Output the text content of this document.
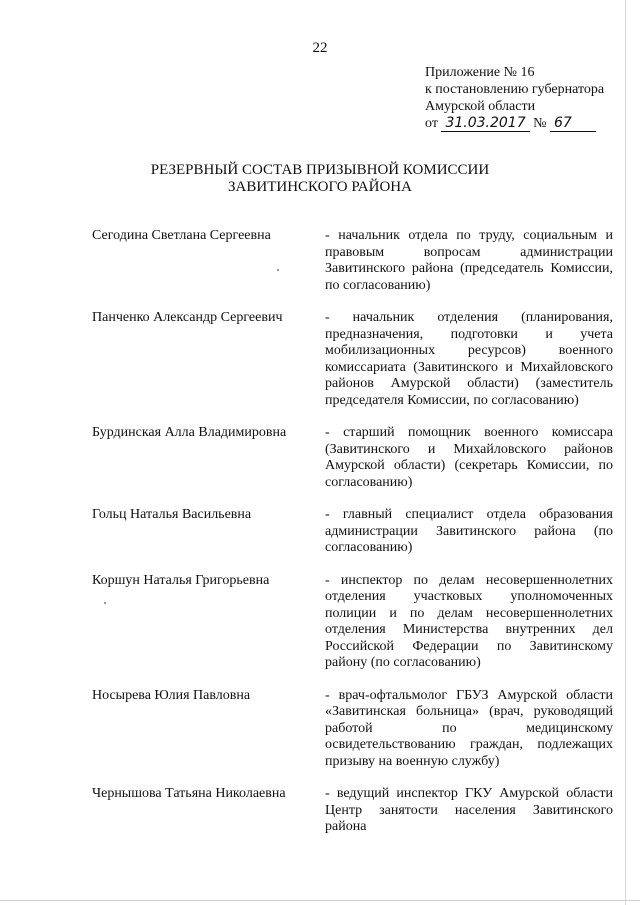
22
Приложение № 16
к постановлению губернатора
Амурской области
от 31.03.2017 № 67
РЕЗЕРВНЫЙ СОСТАВ ПРИЗЫВНОЙ КОМИССИИ
ЗАВИТИНСКОГО РАЙОНА
Сегодина Светлана Сергеевна	- начальник отдела по труду, социальным и правовым вопросам администрации Завитинского района (председатель Комиссии, по согласованию)
Панченко Александр Сергеевич	- начальник отделения (планирования, предназначения, подготовки и учета мобилизационных ресурсов) военного комиссариата (Завитинского и Михайловского районов Амурской области) (заместитель председателя Комиссии, по согласованию)
Бурдинская Алла Владимировна	- старший помощник военного комиссара (Завитинского и Михайловского районов Амурской области) (секретарь Комиссии, по согласованию)
Гольц Наталья Васильевна	- главный специалист отдела образования администрации Завитинского района (по согласованию)
Коршун Наталья Григорьевна	- инспектор по делам несовершеннолетних отделения участковых уполномоченных полиции и по делам несовершеннолетних отделения Министерства внутренних дел Российской Федерации по Завитинскому району (по согласованию)
Носырева Юлия Павловна	- врач-офтальмолог ГБУЗ Амурской области «Завитинская больница» (врач, руководящий работой по медицинскому освидетельствованию граждан, подлежащих призыву на военную службу)
Чернышова Татьяна Николаевна	- ведущий инспектор ГКУ Амурской области Центр занятости населения Завитинского района
